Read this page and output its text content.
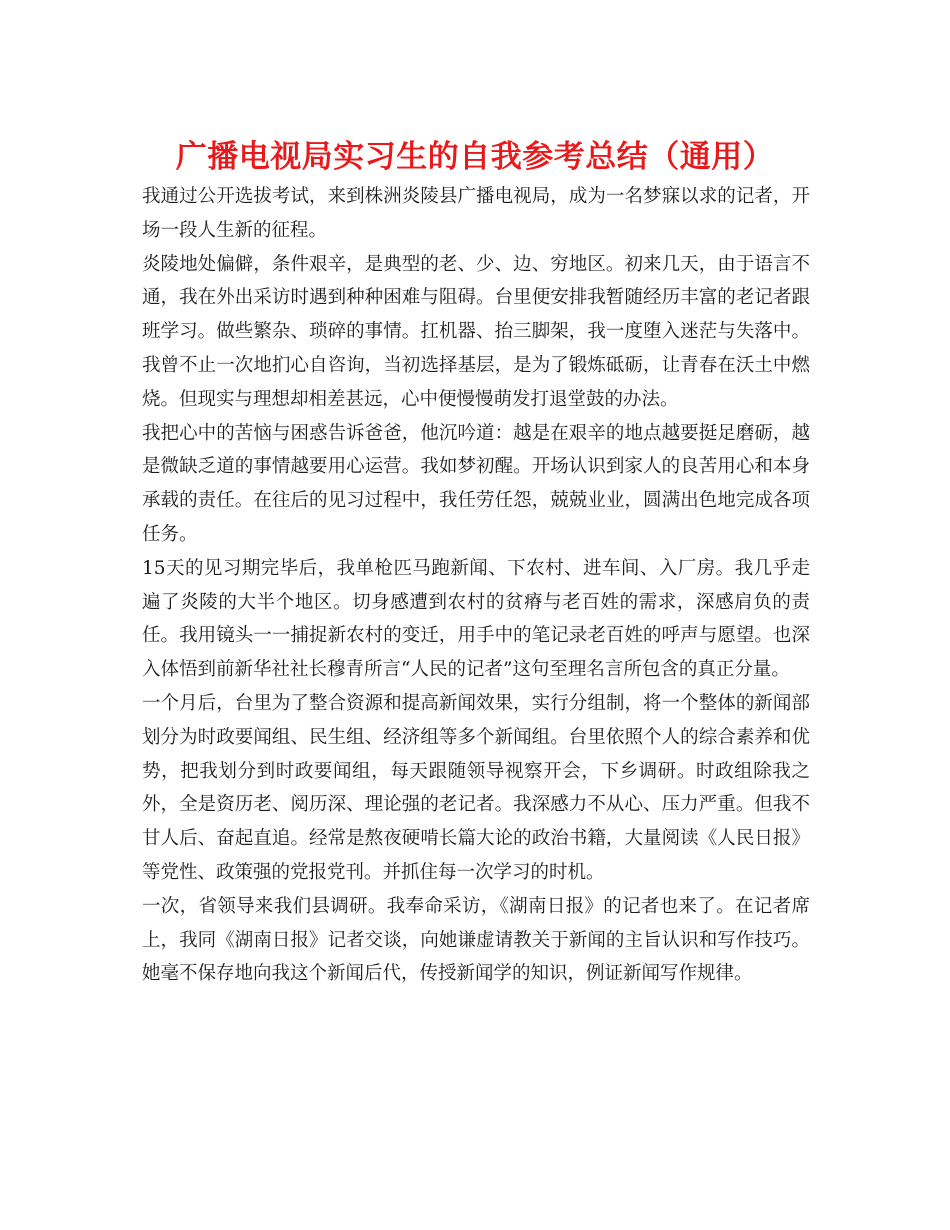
广播电视局实习生的自我参考总结（通用）

我通过公开选拔考试，来到株洲炎陵县广播电视局，成为一名梦寐以求的记者，开场一段人生新的征程。

炎陵地处偏僻，条件艰辛，是典型的老、少、边、穷地区。初来几天，由于语言不通，我在外出采访时遇到种种困难与阻碍。台里便安排我暂随经历丰富的老记者跟班学习。做些繁杂、琐碎的事情。扛机器、抬三脚架，我一度堕入迷茫与失落中。我曾不止一次地扪心自咨询，当初选择基层，是为了锻炼砥砺，让青春在沃土中燃烧。但现实与理想却相差甚远，心中便慢慢萌发打退堂鼓的办法。

我把心中的苦恼与困惑告诉爸爸，他沉吟道：越是在艰辛的地点越要挺足磨砺，越是微缺乏道的事情越要用心运营。我如梦初醒。开场认识到家人的良苦用心和本身承载的责任。在往后的见习过程中，我任劳任怨，兢兢业业，圆满出色地完成各项任务。

15天的见习期完毕后，我单枪匹马跑新闻、下农村、进车间、入厂房。我几乎走遍了炎陵的大半个地区。切身感遭到农村的贫瘠与老百姓的需求，深感肩负的责任。我用镜头一一捕捉新农村的变迁，用手中的笔记录老百姓的呼声与愿望。也深入体悟到前新华社社长穆青所言“人民的记者”这句至理名言所包含的真正分量。

一个月后，台里为了整合资源和提高新闻效果，实行分组制，将一个整体的新闻部划分为时政要闻组、民生组、经济组等多个新闻组。台里依照个人的综合素养和优势，把我划分到时政要闻组，每天跟随领导视察开会，下乡调研。时政组除我之外，全是资历老、阅历深、理论强的老记者。我深感力不从心、压力严重。但我不甘人后、奋起直追。经常是熬夜硬啃长篇大论的政治书籍，大量阅读《人民日报》等党性、政策强的党报党刊。并抓住每一次学习的时机。

一次，省领导来我们县调研。我奉命采访，《湖南日报》的记者也来了。在记者席上，我同《湖南日报》记者交谈，向她谦虚请教关于新闻的主旨认识和写作技巧。她毫不保存地向我这个新闻后代，传授新闻学的知识，例证新闻写作规律。
